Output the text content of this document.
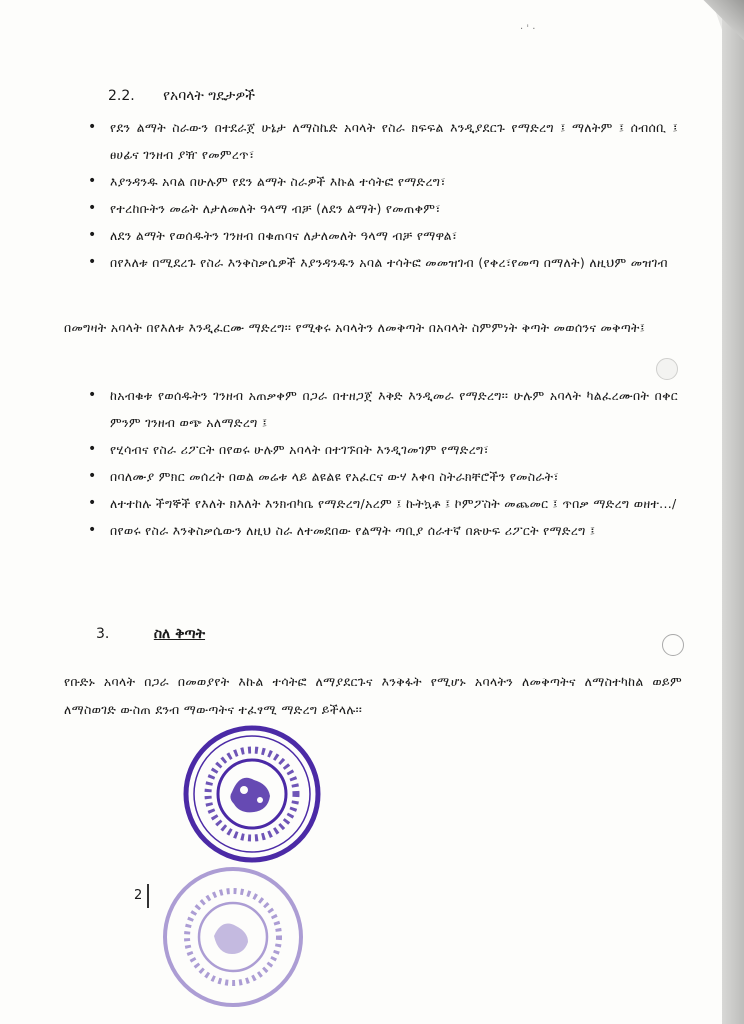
· ˈ ·
2.2. የአባላት ግዴታዎች
• የደን ልማት ስራውን በተደራጀ ሁኔታ ለማስኬድ አባላት የስራ ክፍፍል እንዲያደርጉ የማድረግ ፤ ማለትም ፤ ሰብሰቢ ፤ ፀሀፊና ገንዘብ ያዥ የመምረጥ፣
• እያንዳንዱ አባል በሁሉም የደን ልማት ስራዎች እኩል ተሳትፎ የማድረግ፣
• የተረከቡትን መሬት ለታለመለት ዓላማ ብቻ (ለደን ልማት) የመጠቀም፣
• ለደን ልማት የወሰዱትን ገንዘብ በቁጠባና ለታለመለት ዓላማ ብቻ የማዋል፣
• በየእለቱ በሚደረጉ የስራ እንቅስቃሴዎች እያንዳንዱን አባል ተሳትፎ መመዝገብ (የቀረ፣የመጣ በማለት) ለዚህም መዝገብ
በመግዛት አባላት በየእለቱ እንዲፈርሙ ማድረግ፡፡ የሚቀሩ አባላትን ለመቅጣት በአባላት ስምምነት ቅጣት መወሰንና መቅጣት፤
• ከአብቁቱ የወሰዱትን ገንዘብ አጠቃቀም በጋራ በተዘጋጀ እቅድ እንዲመራ የማድረግ፡፡ ሁሉም አባላት ካልፈረሙበት በቀር ምንም ገንዘብ ወጭ አለማድረግ ፤
• የሂሳብና የስራ ሪፖርት በየወሩ ሁሉም አባላት በተገኙበት እንዲገመገም የማድረግ፣
• በባለሙያ ምክር መሰረት በወል መሬቱ ላይ ልዩልዩ የአፈርና ውሃ እቀባ ስትራክቸሮችን የመስራት፣
• ለተተከሉ ችግኞች የእለት ክእለት እንክብካቤ የማድረግ/አረም ፤ ኩትኳቶ ፤ ኮምፖስት መጨመር ፤ ጥበቃ ማድረግ ወዘተ.../
• በየወሩ የስራ እንቅስቃሴውን ለዚህ ስራ ለተመደበው የልማት ጣቢያ ሰራተኛ በጽሁፍ ሪፖርት የማድረግ ፤
3.	ስለ ቅጣት
የቡድኑ አባላት በጋራ በመወያየት እኩል ተሳትፎ ለማያደርጉና እንቅፋት የሚሆኑ አባላትን ለመቅጣትና ለማስተካከል ወይም ለማስወገድ ውስጠ ደንብ ማውጣትና ተፈፃሚ ማድረግ ይችላሉ፡፡
2
